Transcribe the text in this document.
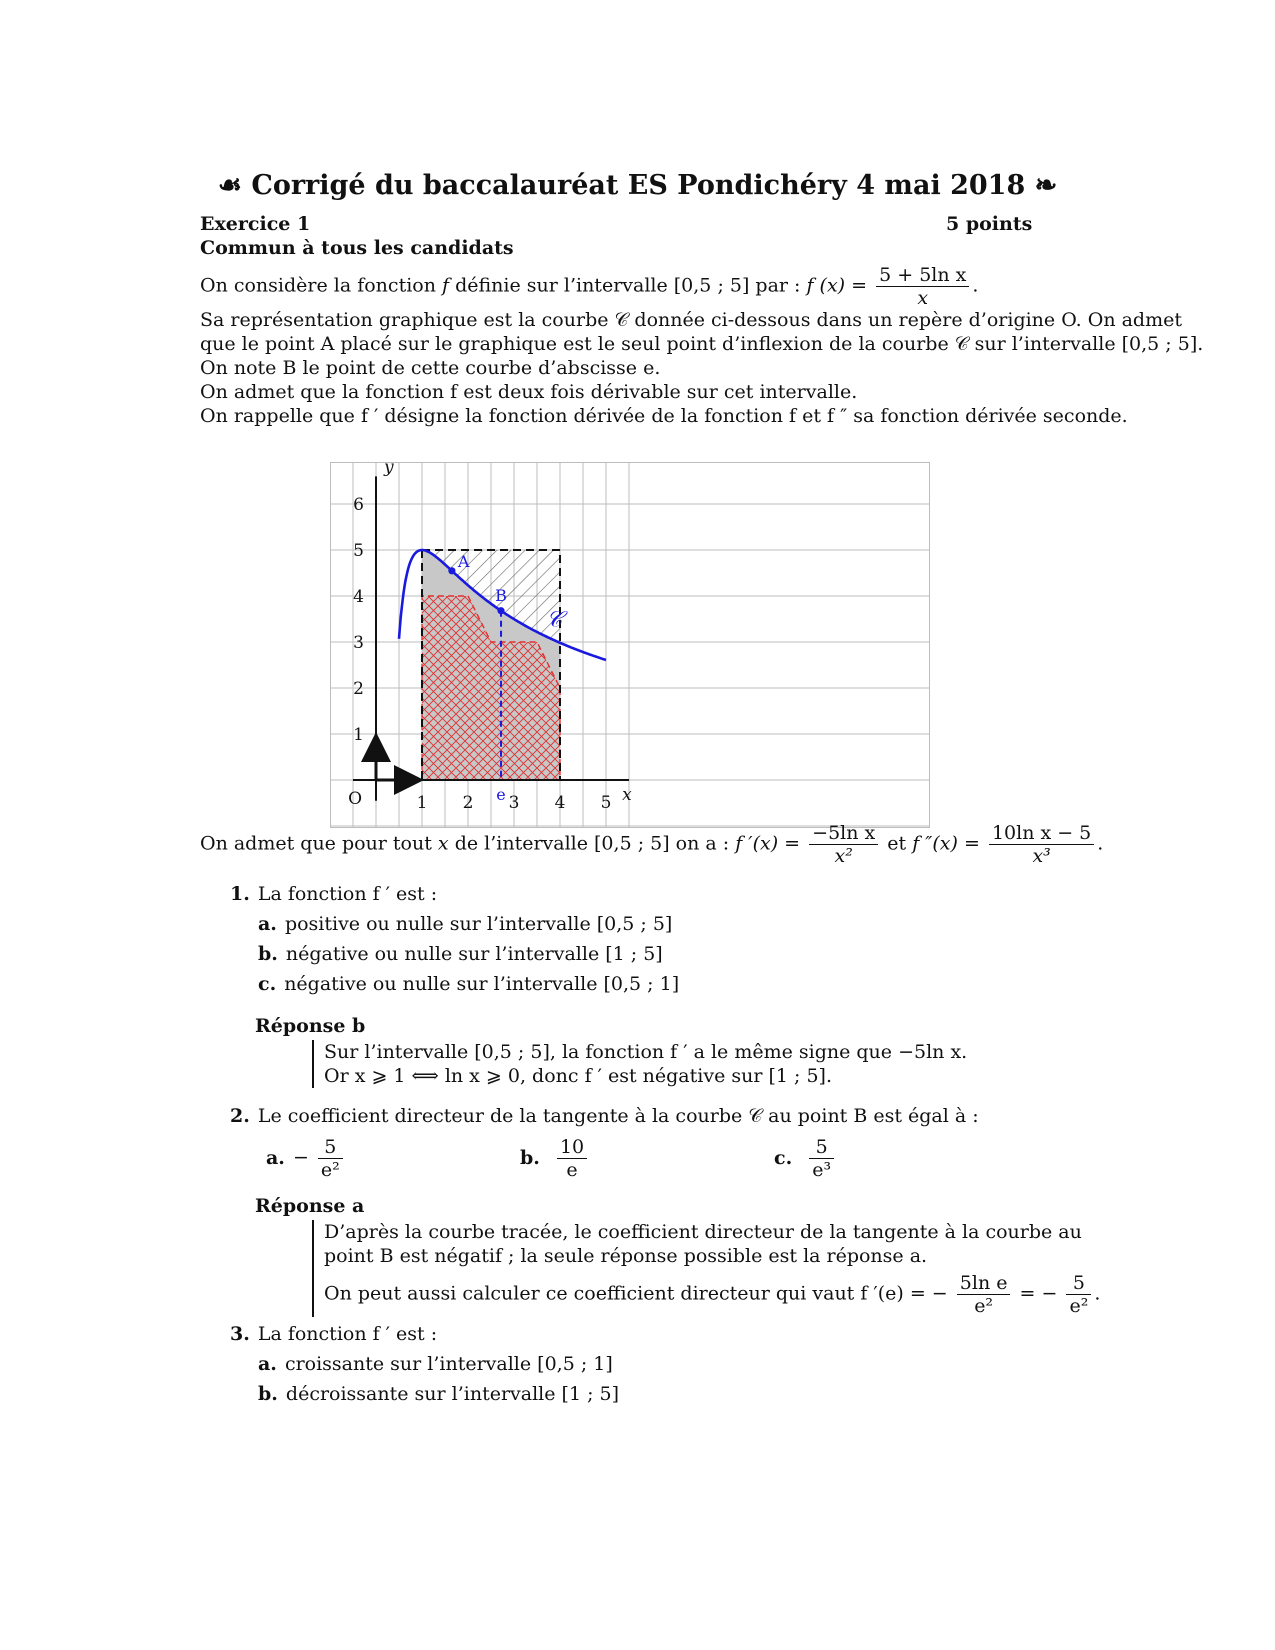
☙ Corrigé du baccalauréat ES Pondichéry 4 mai 2018 ❧
Exercice 1	5 points
Commun à tous les candidats
On considère la fonction f définie sur l’intervalle [0,5 ; 5] par : f $(x) = \frac{\text{5 + 5ln x}}{x}$ .
Sa représentation graphique est la courbe 𝒞 donnée ci-dessous dans un repère d’origine O. On admet
que le point A placé sur le graphique est le seul point d’inflexion de la courbe 𝒞 sur l’intervalle [0,5 ; 5].
On note B le point de cette courbe d’abscisse e.
On admet que la fonction f est deux fois dérivable sur cet intervalle.
On rappelle que f ′ désigne la fonction dérivée de la fonction f et f ″ sa fonction dérivée seconde.
1 2 3 4 5
1
2
3
4
5
6
O	x
y
A
B
e
𝒞
On admet que pour tout x de l’intervalle [0,5 ; 5] on a : f $'(x) = \frac{\text{−5ln x}}{\text{x²}}$ et f $''(x) = \frac{\text{10ln x − 5}}{\text{x³}}$ .
1. La fonction f ′ est :
a. positive ou nulle sur l’intervalle [0,5 ; 5]
b. négative ou nulle sur l’intervalle [1 ; 5]
c. négative ou nulle sur l’intervalle [0,5 ; 1]
Réponse b
Sur l’intervalle [0,5 ; 5], la fonction f ′ a le même signe que −5ln x.
Or x ⩾ 1 ⟺ ln x ⩾ 0, donc f ′ est négative sur [1 ; 5].
2. Le coefficient directeur de la tangente à la courbe 𝒞 au point B est égal à :
a. − $\frac{5}{\text{e²}}$	b. $\frac{10}{e}$	c. $\frac{5}{\text{e³}}$
Réponse a
D’après la courbe tracée, le coefficient directeur de la tangente à la courbe au
point B est négatif ; la seule réponse possible est la réponse a.
On peut aussi calculer ce coefficient directeur qui vaut f ′(e) = − $\frac{\text{5ln e}}{\text{e²}}$ = − $\frac{5}{\text{e²}}$ .
3. La fonction f ′ est :
a. croissante sur l’intervalle [0,5 ; 1]
b. décroissante sur l’intervalle [1 ; 5]
